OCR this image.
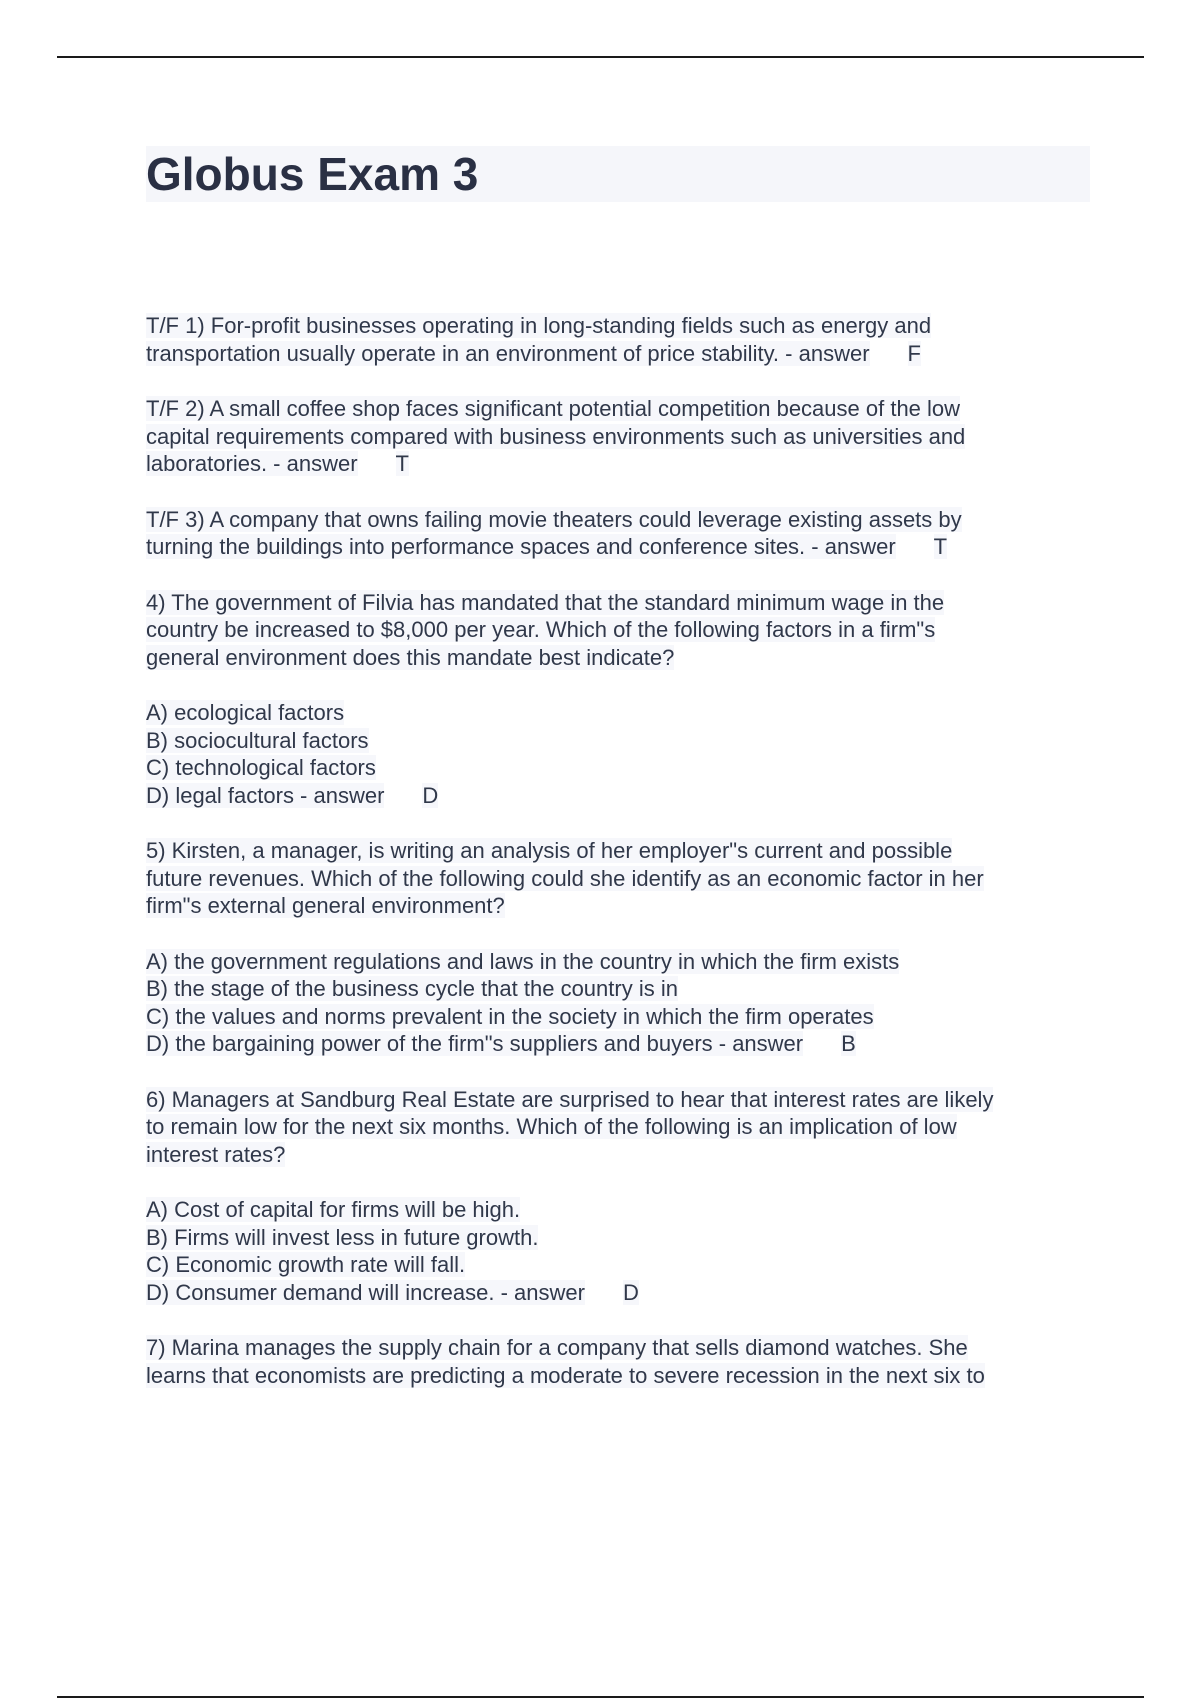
Globus Exam 3
T/F 1) For-profit businesses operating in long-standing fields such as energy and
transportation usually operate in an environment of price stability. - answer F
T/F 2) A small coffee shop faces significant potential competition because of the low
capital requirements compared with business environments such as universities and
laboratories. - answer T
T/F 3) A company that owns failing movie theaters could leverage existing assets by
turning the buildings into performance spaces and conference sites. - answer T
4) The government of Filvia has mandated that the standard minimum wage in the
country be increased to $8,000 per year. Which of the following factors in a firm"s
general environment does this mandate best indicate?
A) ecological factors
B) sociocultural factors
C) technological factors
D) legal factors - answer D
5) Kirsten, a manager, is writing an analysis of her employer"s current and possible
future revenues. Which of the following could she identify as an economic factor in her
firm"s external general environment?
A) the government regulations and laws in the country in which the firm exists
B) the stage of the business cycle that the country is in
C) the values and norms prevalent in the society in which the firm operates
D) the bargaining power of the firm"s suppliers and buyers - answer B
6) Managers at Sandburg Real Estate are surprised to hear that interest rates are likely
to remain low for the next six months. Which of the following is an implication of low
interest rates?
A) Cost of capital for firms will be high.
B) Firms will invest less in future growth.
C) Economic growth rate will fall.
D) Consumer demand will increase. - answer D
7) Marina manages the supply chain for a company that sells diamond watches. She
learns that economists are predicting a moderate to severe recession in the next six to
